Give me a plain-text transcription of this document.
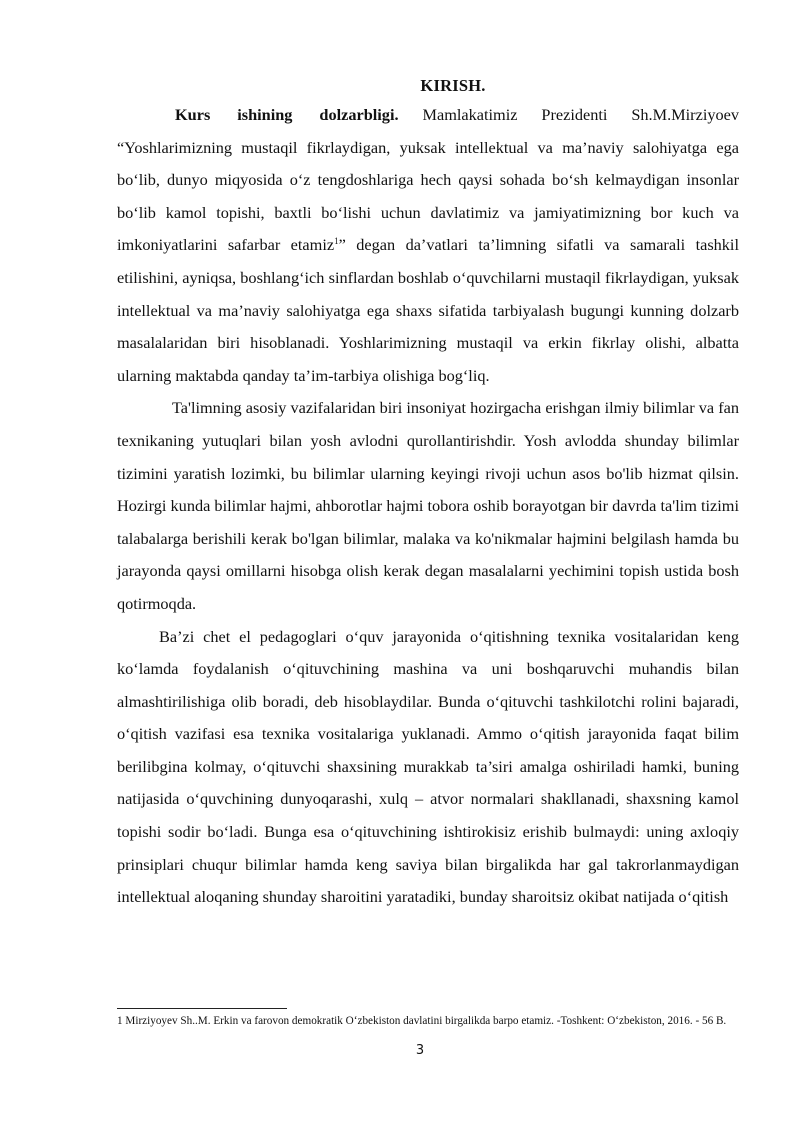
KIRISH.

Kurs ishining dolzarbligi. Mamlakatimiz Prezidenti Sh.M.Mirziyoev “Yoshlarimizning mustaqil fikrlaydigan, yuksak intellektual va ma’naviy salohiyatga ega bo‘lib, dunyo miqyosida o‘z tengdoshlariga hech qaysi sohada bo‘sh kelmaydigan insonlar bo‘lib kamol topishi, baxtli bo‘lishi uchun davlatimiz va jamiyatimizning bor kuch va imkoniyatlarini safarbar etamiz$^1$” degan da’vatlari ta’limning sifatli va samarali tashkil etilishini, ayniqsa, boshlang‘ich sinflardan boshlab o‘quvchilarni mustaqil fikrlaydigan, yuksak intellektual va ma’naviy salohiyatga ega shaxs sifatida tarbiyalash bugungi kunning dolzarb masalalaridan biri hisoblanadi. Yoshlarimizning mustaqil va erkin fikrlay olishi, albatta ularning maktabda qanday ta’im-tarbiya olishiga bog‘liq.

Ta'limning asosiy vazifalaridan biri insoniyat hozirgacha erishgan ilmiy bilimlar va fan texnikaning yutuqlari bilan yosh avlodni qurollantirishdir. Yosh avlodda shunday bilimlar tizimini yaratish lozimki, bu bilimlar ularning keyingi rivoji uchun asos bo'lib hizmat qilsin. Hozirgi kunda bilimlar hajmi, ahborotlar hajmi tobora oshib borayotgan bir davrda ta'lim tizimi talabalarga berishili kerak bo'lgan bilimlar, malaka va ko'nikmalar hajmini belgilash hamda bu jarayonda qaysi omillarni hisobga olish kerak degan masalalarni yechimini topish ustida bosh qotirmoqda.

Ba’zi chet el pedagoglari o‘quv jarayonida o‘qitishning texnika vositalaridan keng ko‘lamda foydalanish o‘qituvchining mashina va uni boshqaruvchi muhandis bilan almashtirilishiga olib boradi, deb hisoblaydilar. Bunda o‘qituvchi tashkilotchi rolini bajaradi, o‘qitish vazifasi esa texnika vositalariga yuklanadi. Ammo o‘qitish jarayonida faqat bilim berilibgina kolmay, o‘qituvchi shaxsining murakkab ta’siri amalga oshiriladi hamki, buning natijasida o‘quvchining dunyoqarashi, xulq – atvor normalari shakllanadi, shaxsning kamol topishi sodir bo‘ladi. Bunga esa o‘qituvchining ishtirokisiz erishib bulmaydi: uning axloqiy prinsiplari chuqur bilimlar hamda keng saviya bilan birgalikda har gal takrorlanmaydigan intellektual aloqaning shunday sharoitini yaratadiki, bunday sharoitsiz okibat natijada o‘qitish

1 Mirziyoyev Sh..M. Erkin va farovon demokratik O‘zbekiston davlatini birgalikda barpo etamiz. -Toshkent: O‘zbekiston, 2016. - 56 B.
3
